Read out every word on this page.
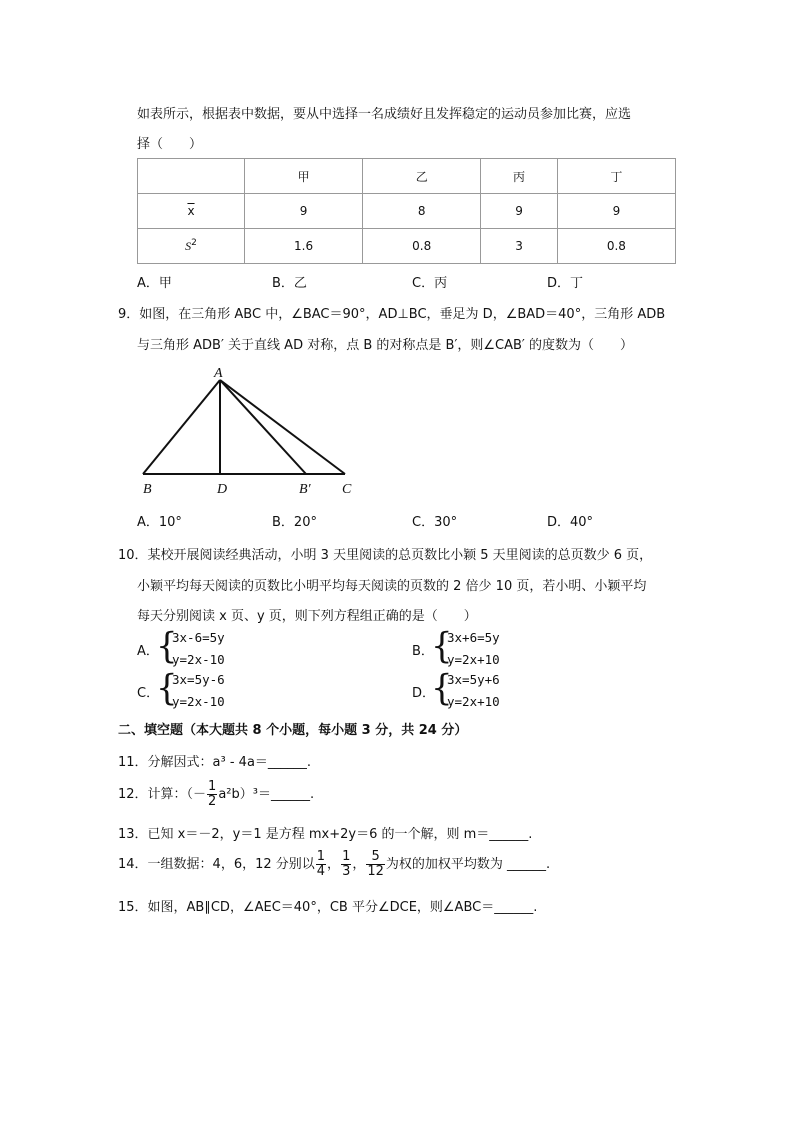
如表所示，根据表中数据，要从中选择一名成绩好且发挥稳定的运动员参加比赛，应选
择（　　）
	甲	乙	丙	丁
$\overline{x}$	9	8	9	9
$S^2$	1.6	0.8	3	0.8
A．甲	B．乙	C．丙	D．丁
9．如图，在三角形 ABC 中，∠BAC＝90°，AD⊥BC，垂足为 D，∠BAD＝40°，三角形 ADB
与三角形 ADB′ 关于直线 AD 对称，点 B 的对称点是 B′，则∠CAB′ 的度数为（　　）
A
B	D	B′ C
A．10°	B．20°	C．30°	D．40°
10．某校开展阅读经典活动，小明 3 天里阅读的总页数比小颖 5 天里阅读的总页数少 6 页，
小颖平均每天阅读的页数比小明平均每天阅读的页数的 2 倍少 10 页，若小明、小颖平均
每天分别阅读 x 页、y 页，则下列方程组正确的是（　　）
A．
{
3x-6=5y
y=2x-10
B．
{
3x+6=5y
y=2x+10
C．
{
3x=5y-6
y=2x-10
D．
{
3x=5y+6
y=2x+10
二、填空题（本大题共 8 个小题，每小题 3 分，共 24 分）
11．分解因式：a³ - 4a＝______.
12．计算：（－ $\frac{1}{2}$ a²b）³＝______.
13．已知 x＝－2，y＝1 是方程 mx+2y＝6 的一个解，则 m＝______.
14．一组数据：4，6，12 分别以 $\frac{1}{4}$ ， $\frac{1}{3}$ ， $\frac{5}{12}$ 为权的加权平均数为 ______.
15．如图，AB∥CD，∠AEC＝40°，CB 平分∠DCE，则∠ABC＝______.
